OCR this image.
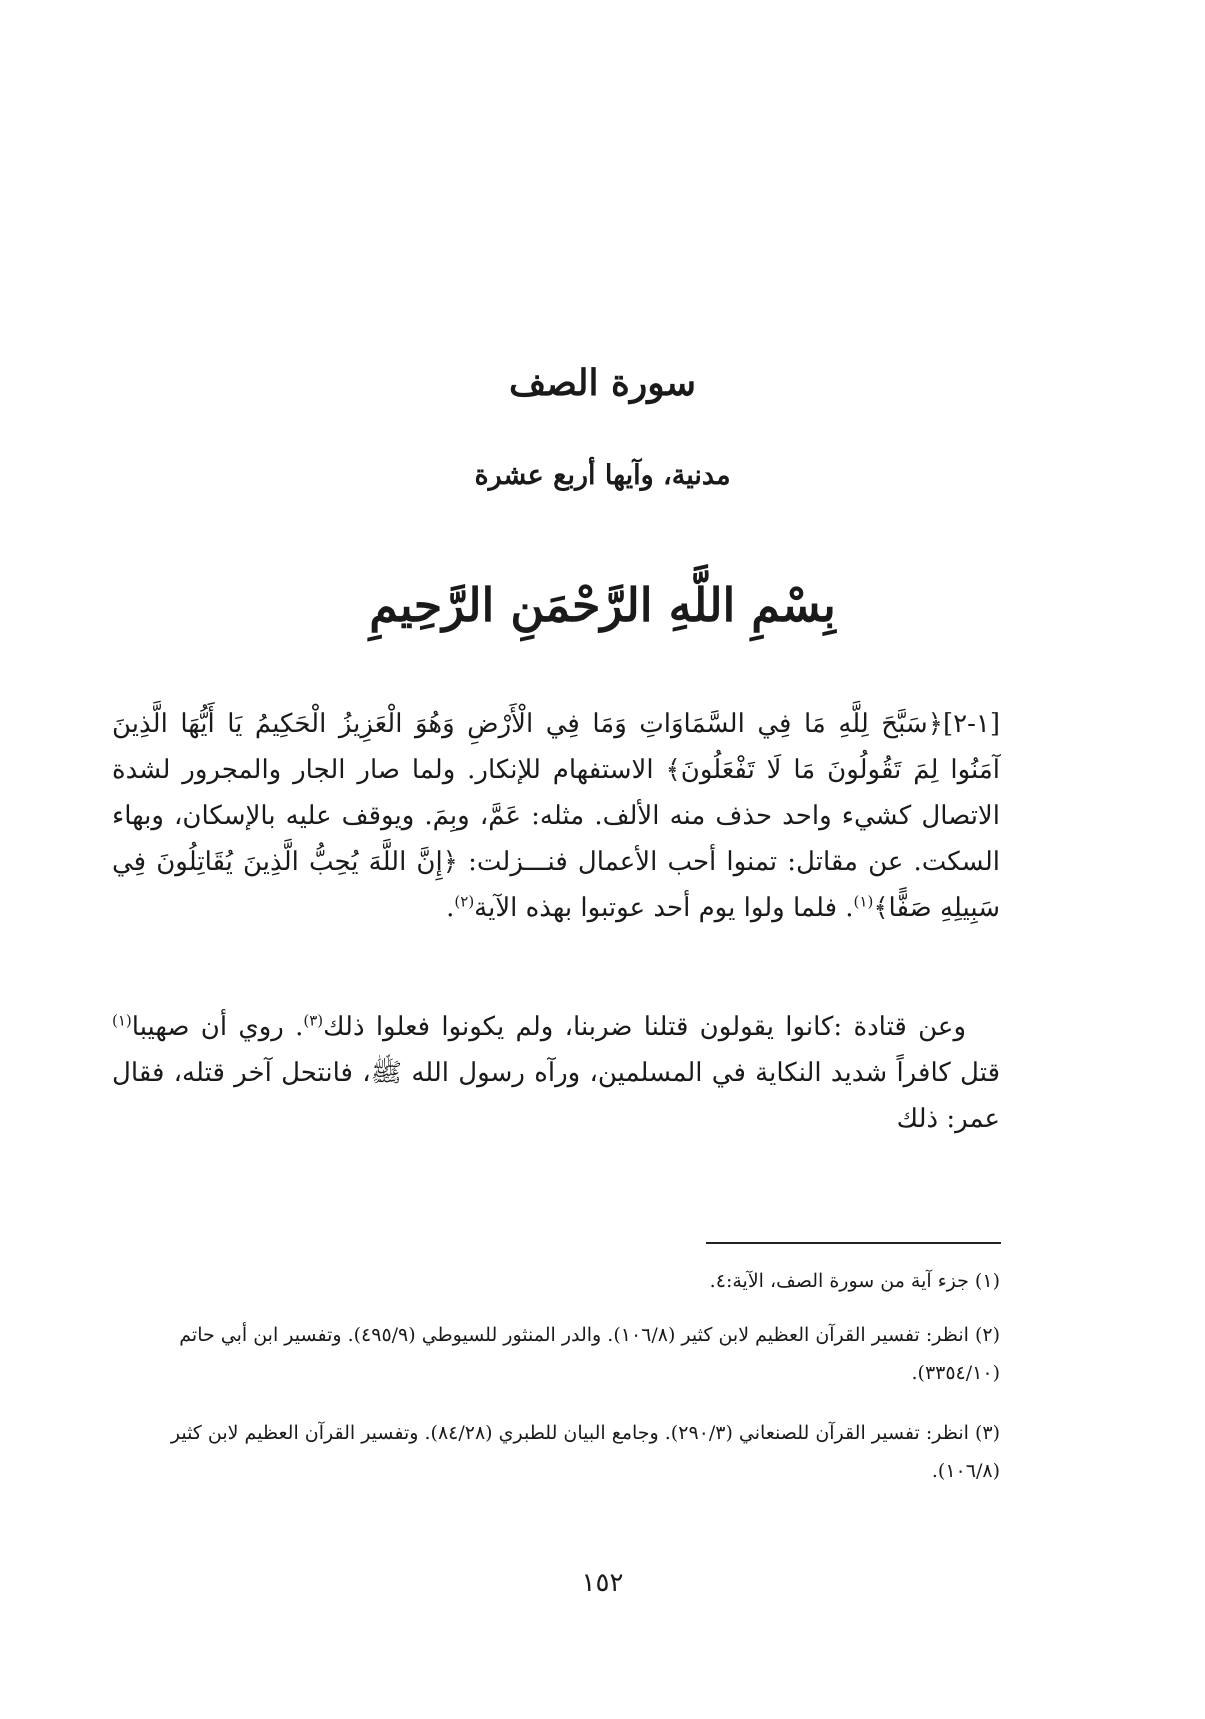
سورة الصف
مدنية، وآيها أربع عشرة
بِسْمِ اللَّهِ الرَّحْمَنِ الرَّحِيمِ

[١-٢]﴿سَبَّحَ لِلَّهِ مَا فِي السَّمَاوَاتِ وَمَا فِي الْأَرْضِ وَهُوَ الْعَزِيزُ الْحَكِيمُ يَا أَيُّهَا الَّذِينَ آمَنُوا لِمَ تَقُولُونَ مَا لَا تَفْعَلُونَ﴾ الاستفهام للإنكار. ولما صار الجار والمجرور لشدة الاتصال كشيء واحد حذف منه الألف. مثله: عَمَّ، وبِمَ. ويوقف عليه بالإسكان، وبهاء السكت. عن مقاتل: تمنوا أحب الأعمال فنـــزلت: ﴿إِنَّ اللَّهَ يُحِبُّ الَّذِينَ يُقَاتِلُونَ فِي سَبِيلِهِ صَفًّا﴾$^{(١)}$. فلما ولوا يوم أحد عوتبوا بهذه الآية$^{(٢)}$.

وعن قتادة :كانوا يقولون قتلنا ضربنا، ولم يكونوا فعلوا ذلك$^{(٣)}$. روي أن صهيبا$^{(١)}$ قتل كافراً شديد النكاية في المسلمين، ورآه رسول الله ﷺ، فانتحل آخر قتله، فقال عمر: ذلك

(١) جزء آية من سورة الصف، الآية:٤.
(٢) انظر: تفسير القرآن العظيم لابن كثير (١٠٦/٨). والدر المنثور للسيوطي (٤٩٥/٩). وتفسير ابن أبي حاتم (٣٣٥٤/١٠).
(٣) انظر: تفسير القرآن للصنعاني (٢٩٠/٣). وجامع البيان للطبري (٨٤/٢٨). وتفسير القرآن العظيم لابن كثير (١٠٦/٨).
١٥٢
